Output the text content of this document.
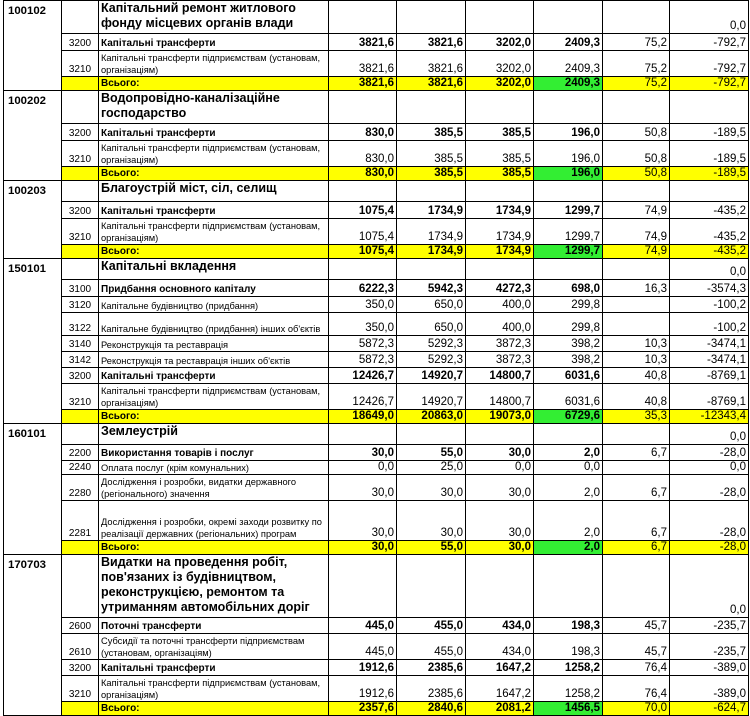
100102		Капітальний ремонт житлового фонду місцевих органів влади						0,0
	3200	Капітальні трансферти	3821,6	3821,6	3202,0	2409,3	75,2	-792,7
	3210	Капітальні трансферти підприємствам (установам, організаціям)	3821,6	3821,6	3202,0	2409,3	75,2	-792,7
		Всього:	3821,6	3821,6	3202,0	2409,3	75,2	-792,7
100202		Водопровідно-каналізаційне господарство						
	3200	Капітальні трансферти	830,0	385,5	385,5	196,0	50,8	-189,5
	3210	Капітальні трансферти підприємствам (установам, організаціям)	830,0	385,5	385,5	196,0	50,8	-189,5
		Всього:	830,0	385,5	385,5	196,0	50,8	-189,5
100203		Благоустрій міст, сіл, селищ						
	3200	Капітальні трансферти	1075,4	1734,9	1734,9	1299,7	74,9	-435,2
	3210	Капітальні трансферти підприємствам (установам, організаціям)	1075,4	1734,9	1734,9	1299,7	74,9	-435,2
		Всього:	1075,4	1734,9	1734,9	1299,7	74,9	-435,2
150101		Капітальні вкладення						0,0
	3100	Придбання основного капіталу	6222,3	5942,3	4272,3	698,0	16,3	-3574,3
	3120	Капітальне будівництво (придбання)	350,0	650,0	400,0	299,8		-100,2
	3122	Капітальне будівництво (придбання) інших об'єктів	350,0	650,0	400,0	299,8		-100,2
	3140	Реконструкція та реставрація	5872,3	5292,3	3872,3	398,2	10,3	-3474,1
	3142	Реконструкція та реставрація інших об'єктів	5872,3	5292,3	3872,3	398,2	10,3	-3474,1
	3200	Капітальні трансферти	12426,7	14920,7	14800,7	6031,6	40,8	-8769,1
	3210	Капітальні трансферти підприємствам (установам, організаціям)	12426,7	14920,7	14800,7	6031,6	40,8	-8769,1
		Всього:	18649,0	20863,0	19073,0	6729,6	35,3	-12343,4
160101		Землеустрій						0,0
	2200	Використання товарів і послуг	30,0	55,0	30,0	2,0	6,7	-28,0
	2240	Оплата послуг (крім комунальних)	0,0	25,0	0,0	0,0		0,0
	2280	Дослідження і розробки, видатки державного (регіонального) значення	30,0	30,0	30,0	2,0	6,7	-28,0
	2281	Дослідження і розробки, окремі заходи розвитку по реалізації державних (регіональних) програм	30,0	30,0	30,0	2,0	6,7	-28,0
		Всього:	30,0	55,0	30,0	2,0	6,7	-28,0
170703		Видатки на проведення робіт, пов'язаних із будівництвом, реконструкцією, ремонтом та утриманням автомобільних доріг						0,0
	2600	Поточні трансферти	445,0	455,0	434,0	198,3	45,7	-235,7
	2610	Субсидії та поточні трансферти підприємствам (установам, організаціям)	445,0	455,0	434,0	198,3	45,7	-235,7
	3200	Капітальні трансферти	1912,6	2385,6	1647,2	1258,2	76,4	-389,0
	3210	Капітальні трансферти підприємствам (установам, організаціям)	1912,6	2385,6	1647,2	1258,2	76,4	-389,0
		Всього:	2357,6	2840,6	2081,2	1456,5	70,0	-624,7
